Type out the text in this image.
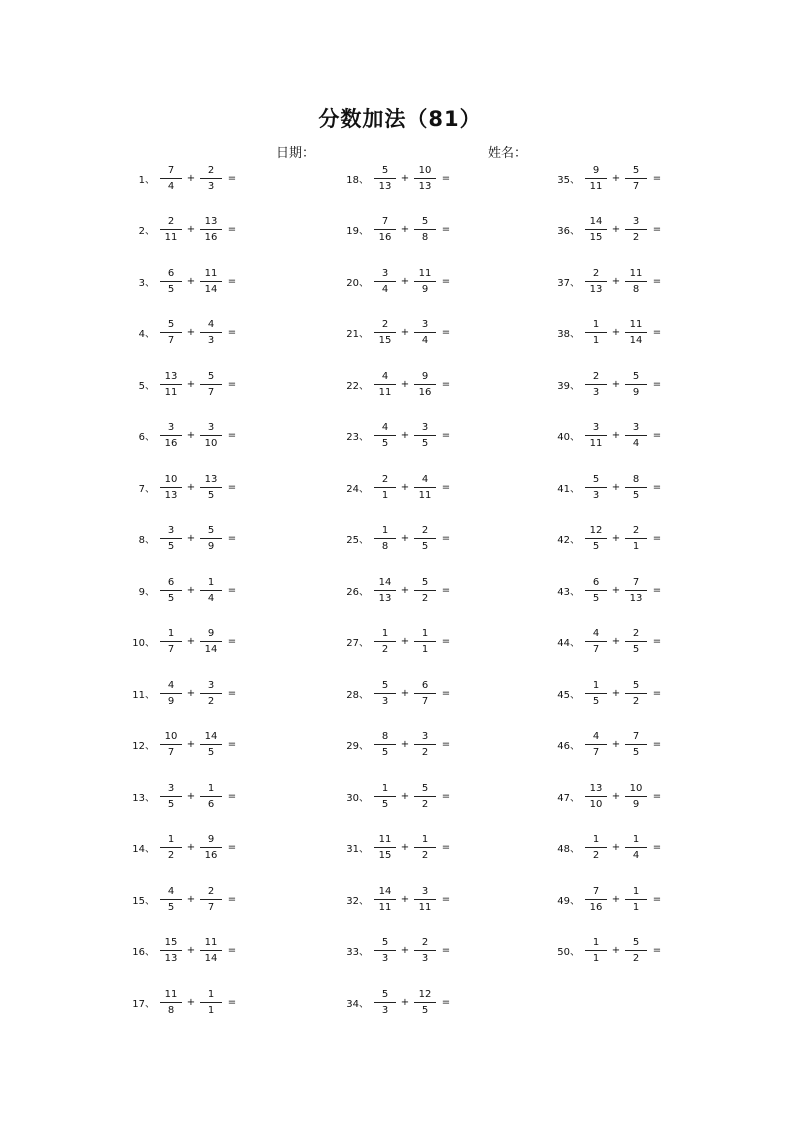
分数加法（81）
日期：	姓名：
1、 $\frac{7}{4} + \frac{2}{3}$ =
2、 $\frac{2}{11} + \frac{13}{16}$ =
3、 $\frac{6}{5} + \frac{11}{14}$ =
4、 $\frac{5}{7} + \frac{4}{3}$ =
5、 $\frac{13}{11} + \frac{5}{7}$ =
6、 $\frac{3}{16} + \frac{3}{10}$ =
7、 $\frac{10}{13} + \frac{13}{5}$ =
8、 $\frac{3}{5} + \frac{5}{9}$ =
9、 $\frac{6}{5} + \frac{1}{4}$ =
10、 $\frac{1}{7} + \frac{9}{14}$ =
11、 $\frac{4}{9} + \frac{3}{2}$ =
12、 $\frac{10}{7} + \frac{14}{5}$ =
13、 $\frac{3}{5} + \frac{1}{6}$ =
14、 $\frac{1}{2} + \frac{9}{16}$ =
15、 $\frac{4}{5} + \frac{2}{7}$ =
16、 $\frac{15}{13} + \frac{11}{14}$ =
17、 $\frac{11}{8} + \frac{1}{1}$ =
18、 $\frac{5}{13} + \frac{10}{13}$ =
19、 $\frac{7}{16} + \frac{5}{8}$ =
20、 $\frac{3}{4} + \frac{11}{9}$ =
21、 $\frac{2}{15} + \frac{3}{4}$ =
22、 $\frac{4}{11} + \frac{9}{16}$ =
23、 $\frac{4}{5} + \frac{3}{5}$ =
24、 $\frac{2}{1} + \frac{4}{11}$ =
25、 $\frac{1}{8} + \frac{2}{5}$ =
26、 $\frac{14}{13} + \frac{5}{2}$ =
27、 $\frac{1}{2} + \frac{1}{1}$ =
28、 $\frac{5}{3} + \frac{6}{7}$ =
29、 $\frac{8}{5} + \frac{3}{2}$ =
30、 $\frac{1}{5} + \frac{5}{2}$ =
31、 $\frac{11}{15} + \frac{1}{2}$ =
32、 $\frac{14}{11} + \frac{3}{11}$ =
33、 $\frac{5}{3} + \frac{2}{3}$ =
34、 $\frac{5}{3} + \frac{12}{5}$ =
35、 $\frac{9}{11} + \frac{5}{7}$ =
36、 $\frac{14}{15} + \frac{3}{2}$ =
37、 $\frac{2}{13} + \frac{11}{8}$ =
38、 $\frac{1}{1} + \frac{11}{14}$ =
39、 $\frac{2}{3} + \frac{5}{9}$ =
40、 $\frac{3}{11} + \frac{3}{4}$ =
41、 $\frac{5}{3} + \frac{8}{5}$ =
42、 $\frac{12}{5} + \frac{2}{1}$ =
43、 $\frac{6}{5} + \frac{7}{13}$ =
44、 $\frac{4}{7} + \frac{2}{5}$ =
45、 $\frac{1}{5} + \frac{5}{2}$ =
46、 $\frac{4}{7} + \frac{7}{5}$ =
47、 $\frac{13}{10} + \frac{10}{9}$ =
48、 $\frac{1}{2} + \frac{1}{4}$ =
49、 $\frac{7}{16} + \frac{1}{1}$ =
50、 $\frac{1}{1} + \frac{5}{2}$ =
